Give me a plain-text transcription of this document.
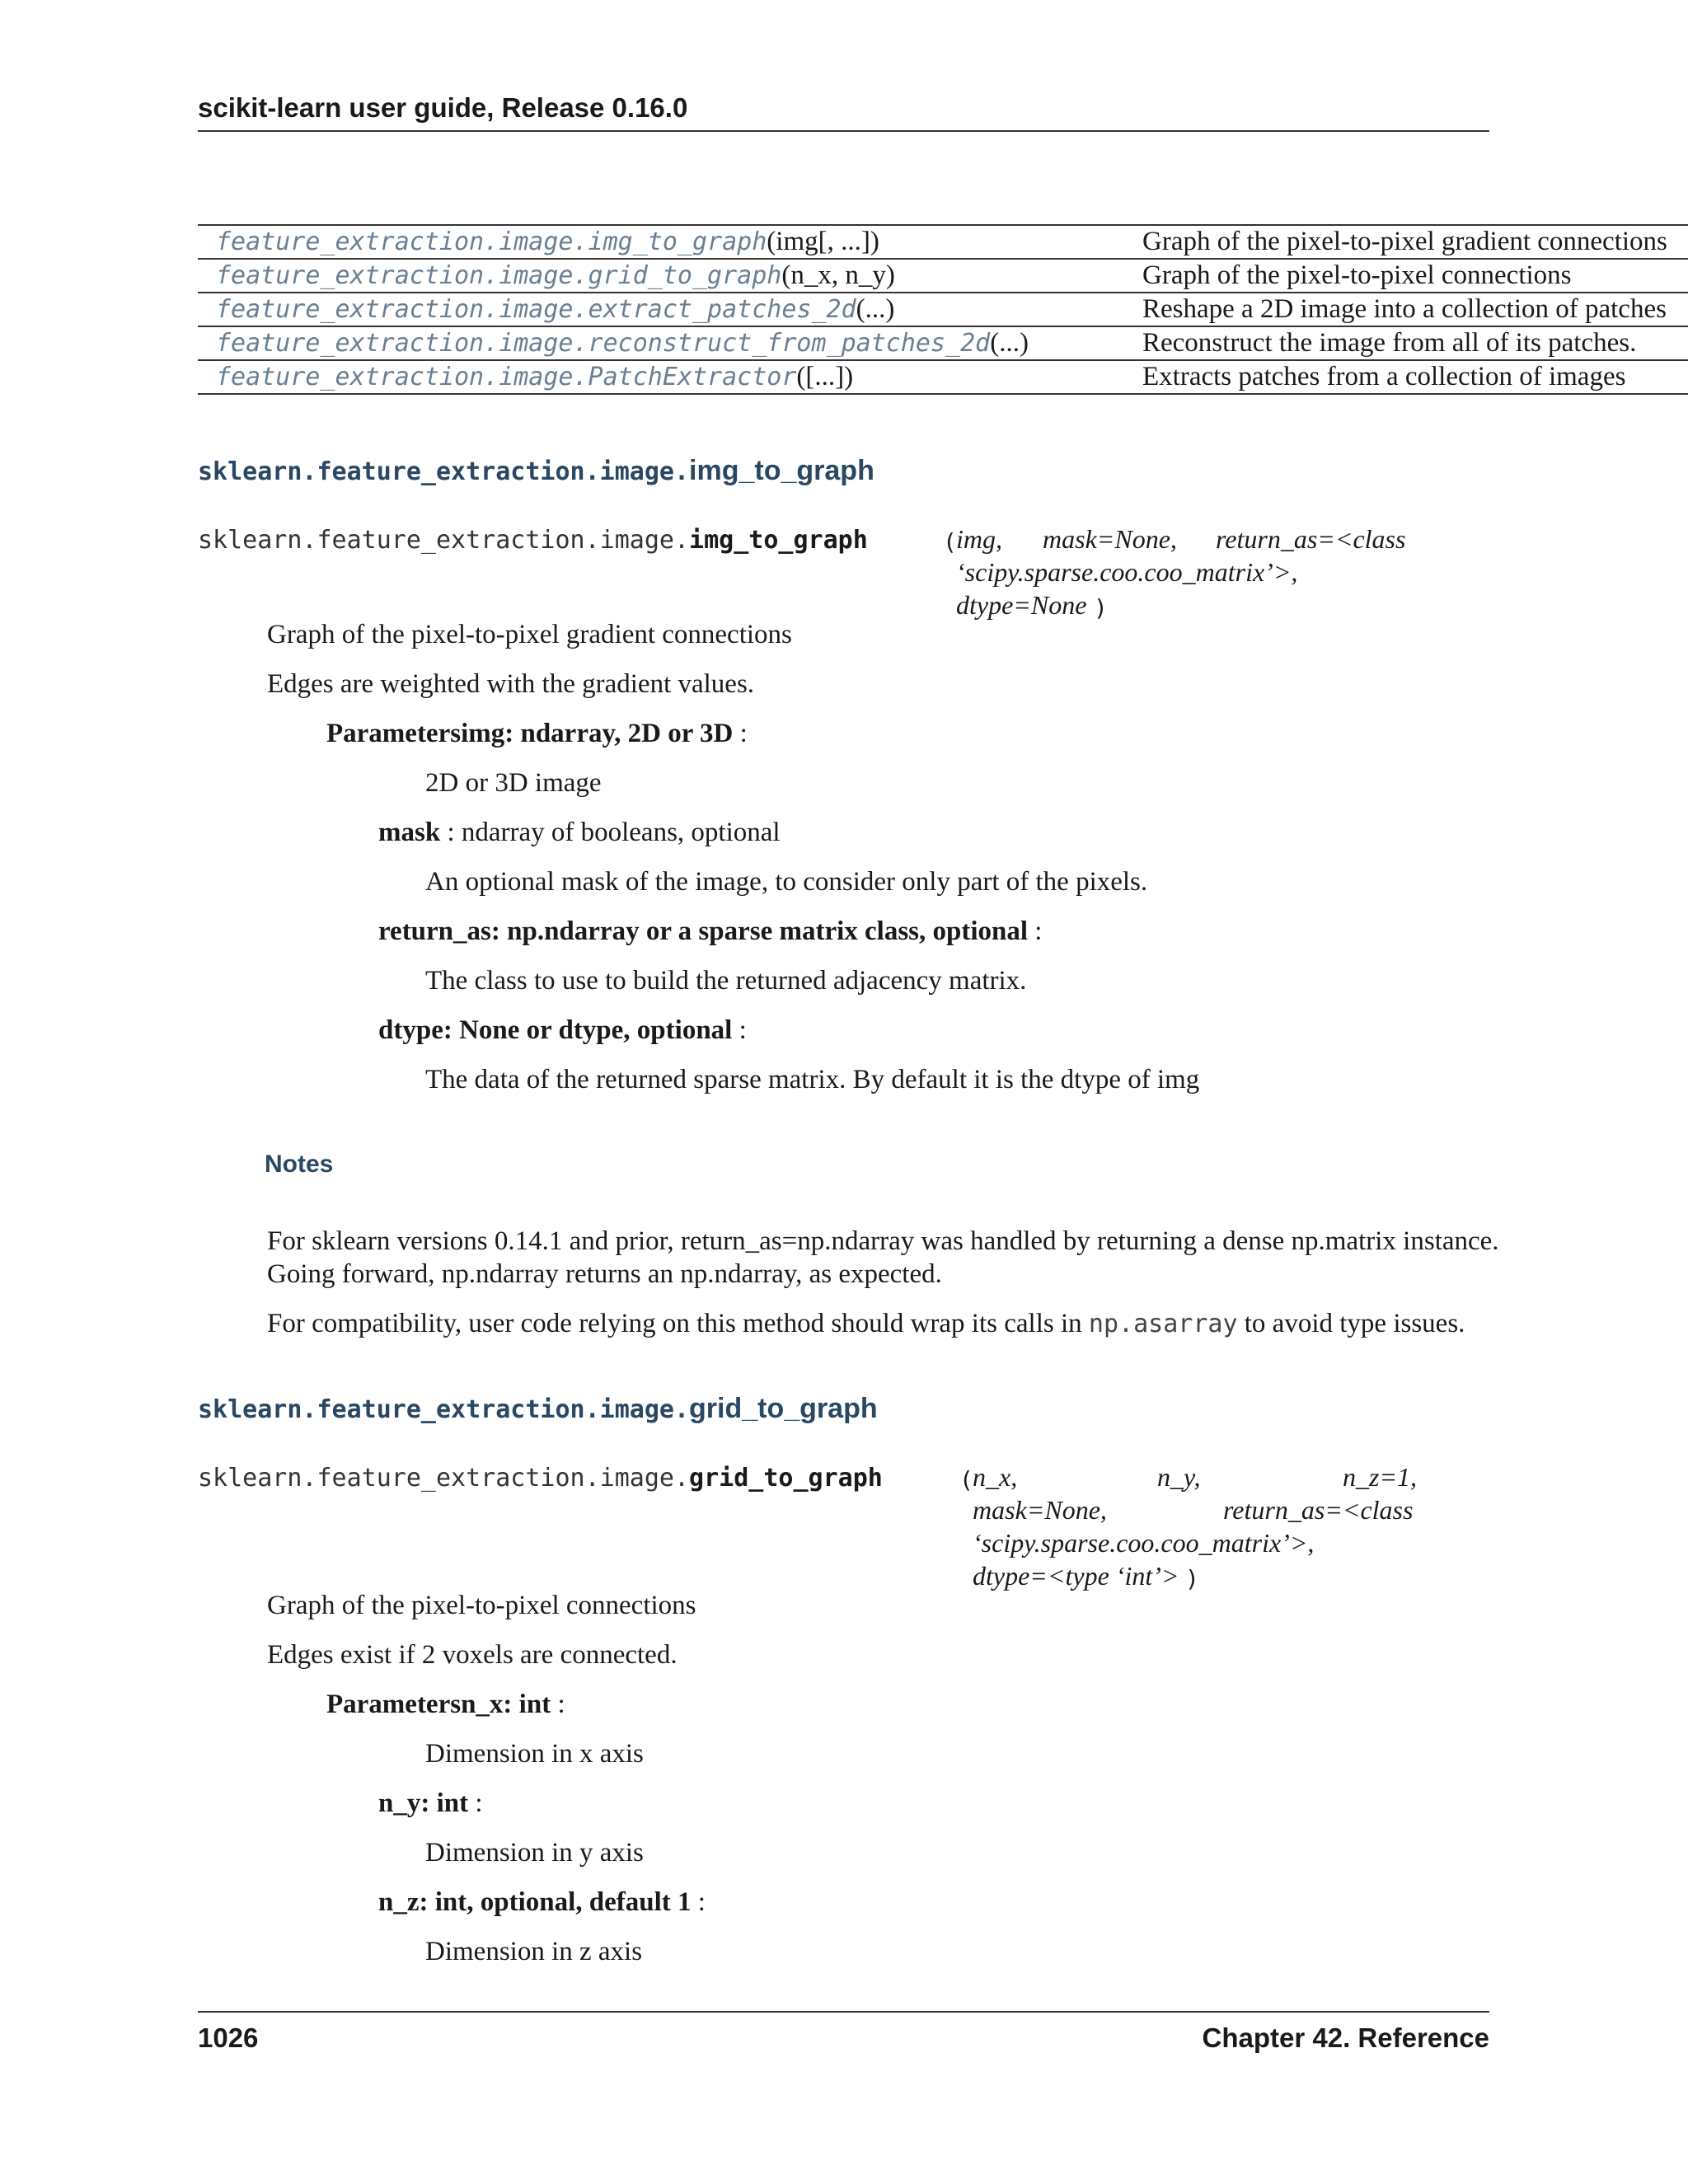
scikit-learn user guide, Release 0.16.0
feature_extraction.image.img_to_graph(img[, ...])	Graph of the pixel-to-pixel gradient connections
feature_extraction.image.grid_to_graph(n_x, n_y)	Graph of the pixel-to-pixel connections
feature_extraction.image.extract_patches_2d(...)	Reshape a 2D image into a collection of patches
feature_extraction.image.reconstruct_from_patches_2d(...)	Reconstruct the image from all of its patches.
feature_extraction.image.PatchExtractor([...])	Extracts patches from a collection of images
sklearn.feature_extraction.image.img_to_graph
sklearn.feature_extraction.image.img_to_graph	( img, mask=None, return_as=<class
‘scipy.sparse.coo.coo_matrix’>,
dtype=None )
Graph of the pixel-to-pixel gradient connections
Edges are weighted with the gradient values.
Parametersimg: ndarray, 2D or 3D :
2D or 3D image
mask : ndarray of booleans, optional
An optional mask of the image, to consider only part of the pixels.
return_as: np.ndarray or a sparse matrix class, optional :
The class to use to build the returned adjacency matrix.
dtype: None or dtype, optional :
The data of the returned sparse matrix. By default it is the dtype of img
Notes
For sklearn versions 0.14.1 and prior, return_as=np.ndarray was handled by returning a dense np.matrix instance.
Going forward, np.ndarray returns an np.ndarray, as expected.
For compatibility, user code relying on this method should wrap its calls in np.asarray to avoid type issues.
sklearn.feature_extraction.image.grid_to_graph
sklearn.feature_extraction.image.grid_to_graph	( n_x,	n_y,	n_z=1,
mask=None,	return_as=<class
‘scipy.sparse.coo.coo_matrix’>,
dtype=<type ‘int’> )
Graph of the pixel-to-pixel connections
Edges exist if 2 voxels are connected.
Parametersn_x: int :
Dimension in x axis
n_y: int :
Dimension in y axis
n_z: int, optional, default 1 :
Dimension in z axis
1026	Chapter 42. Reference
